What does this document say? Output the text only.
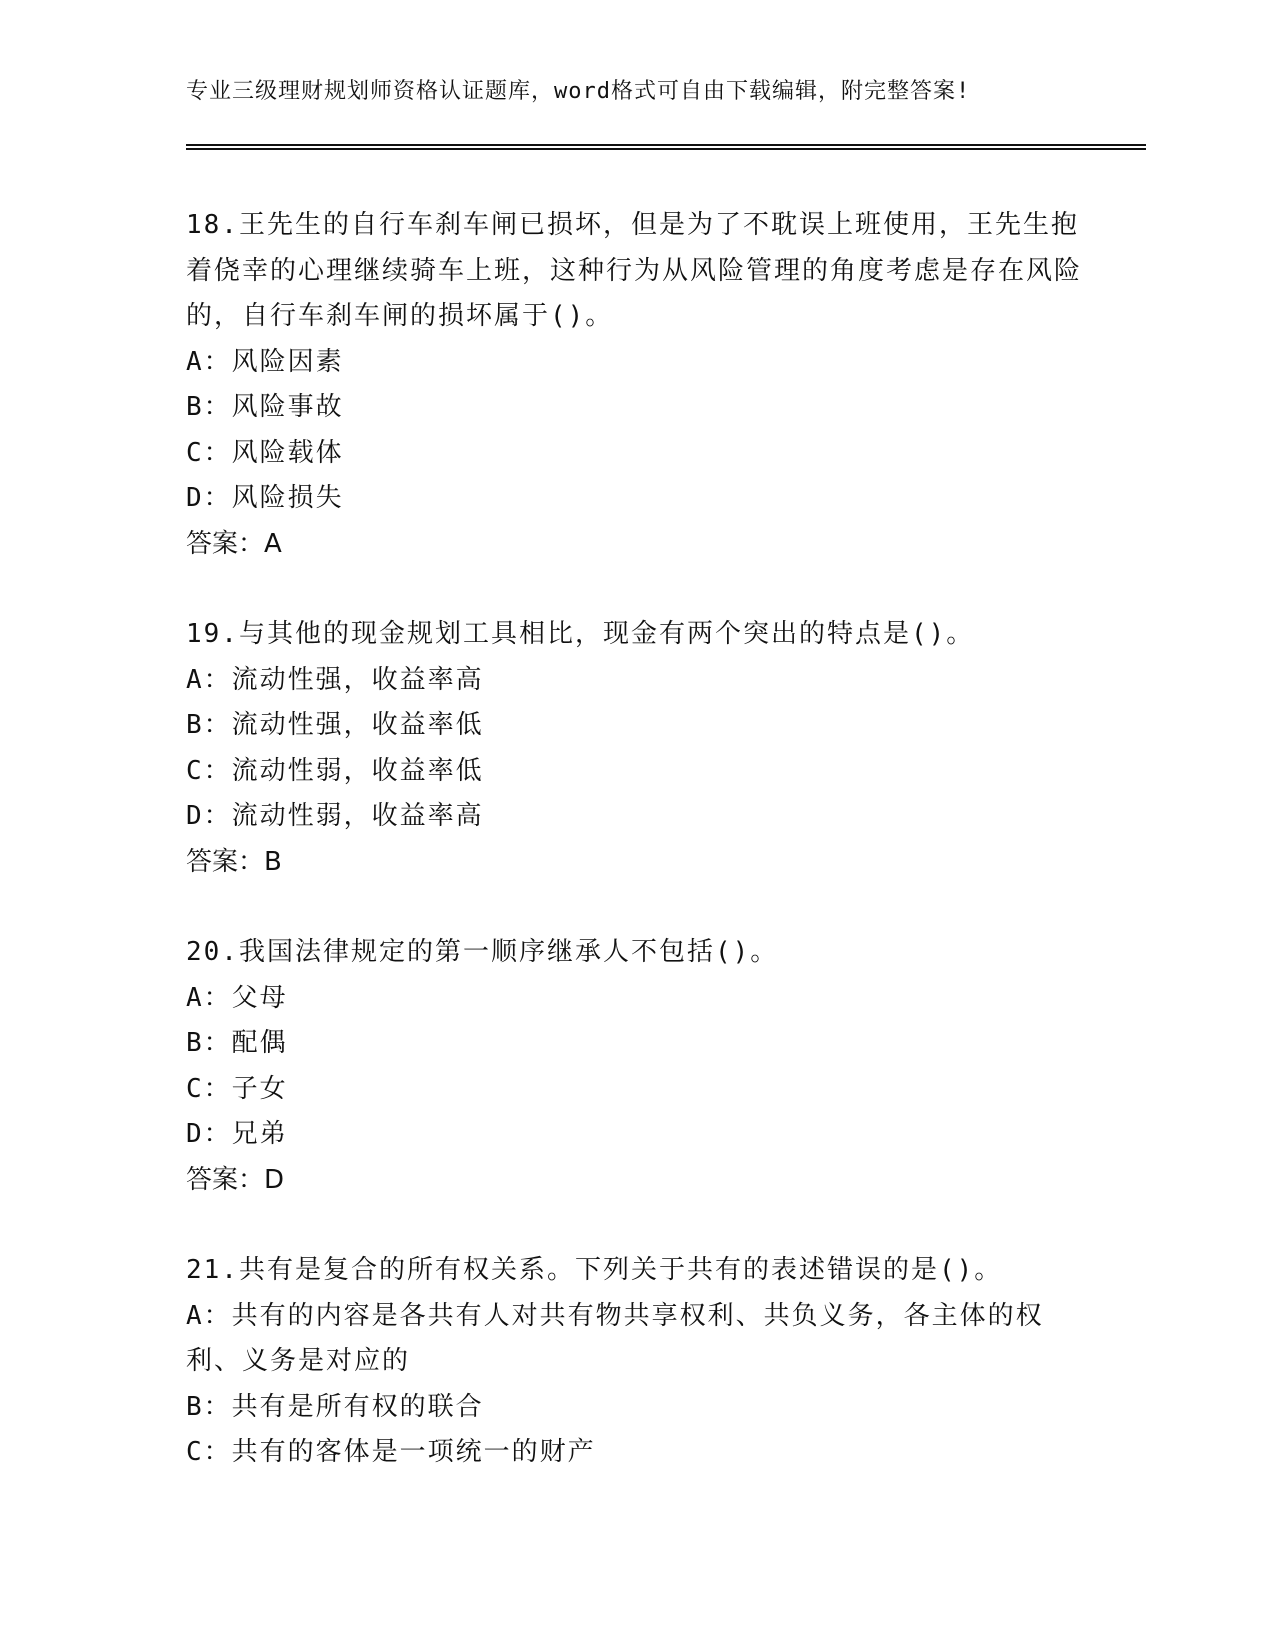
专业三级理财规划师资格认证题库，word格式可自由下载编辑，附完整答案!

18.王先生的自行车刹车闸已损坏，但是为了不耽误上班使用，王先生抱着侥幸的心理继续骑车上班，这种行为从风险管理的角度考虑是存在风险的，自行车刹车闸的损坏属于()。

A：风险因素

B：风险事故

C：风险载体

D：风险损失

答案：A

19.与其他的现金规划工具相比，现金有两个突出的特点是()。

A：流动性强，收益率高

B：流动性强，收益率低

C：流动性弱，收益率低

D：流动性弱，收益率高

答案：B

20.我国法律规定的第一顺序继承人不包括()。

A：父母

B：配偶

C：子女

D：兄弟

答案：D

21.共有是复合的所有权关系。下列关于共有的表述错误的是()。

A：共有的内容是各共有人对共有物共享权利、共负义务，各主体的权利、义务是对应的

B：共有是所有权的联合

C：共有的客体是一项统一的财产
